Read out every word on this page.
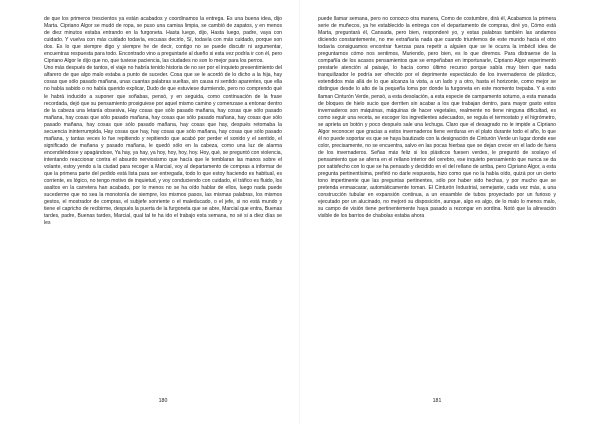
de que los primeros trescientos ya están acabados y coordinamos la entrega. Es una buena idea, dijo Marta. Cipriano Algor se mudó de ropa, se puso una camisa limpia, se cambió de zapatos, y en menos de diez minutos estaba entrando en la furgoneta. Hasta luego, dijo, Hasta luego, padre, vaya con cuidado. Y vuelva con más cuidado todavía, excusas decirlo, Sí, todavía con más cuidado, porque son dos. Es lo que siempre digo y siempre he de decir, contigo no se puede discutir ni argumentar, encuentras respuesta para todo. Encontrado vino a preguntarle al dueño si esta vez podría ir con él, pero Cipriano Algor le dijo que no, que tuviese paciencia, las ciudades no son lo mejor para los perros.

Uno más después de tantos, el viaje no habría tenido historia de no ser por el inquieto presentimiento del alfarero de que algo malo estaba a punto de suceder. Cosa que se le acordó de lo dicho a la hija, hay cosas que sólo pasado mañana, unas cuantas palabras sueltas, sin causa ni sentido aparentes, que ella no había sabido o no había querido explicar, Dudo de que estuviese durmiendo, pero no comprendo qué le habrá inducido a suponer que soñabas, pensó, y en seguida, como continuación de la frase recordada, dejó que su pensamiento prosiguiese por aquel mismo camino y comenzase a entonar dentro de la cabeza una letanía obsesiva, Hay cosas que sólo pasado mañana, hay cosas que sólo pasado mañana, hay cosas que sólo pasado mañana, hay cosas que sólo pasado mañana, hay cosas que sólo pasado mañana, hay cosas que sólo pasado mañana, hay cosas que hay, después retomaba la secuencia ininterrumpida, Hay cosas que hay, hay cosas que sólo mañana, hay cosas que sólo pasado mañana, y tantas veces lo fue repitiendo y repitiendo que acabó por perder el sonido y el sentido, el significado de mañana y pasado mañana, le quedó sólo en la cabeza, como una luz de alarma encendiéndose y apagándose, Ya hay, ya hay, ya hoy, hoy, hoy, hoy. Hoy, qué, se preguntó con violencia, intentando reaccionar contra el absurdo nerviosismo que hacía que le temblaran las manos sobre el volante, estoy yendo a la ciudad para recoger a Marcial, voy al departamento de compras a informar de que la primera parte del pedido está lista para ser entregada, todo lo que estoy haciendo es habitual, es corriente, es lógico, no tengo motivo de inquietud, y voy conduciendo con cuidado, el tráfico es fluido, los asaltos en la carretera han acabado, por lo menos no se ha oído hablar de ellos, luego nada puede sucederme que no sea la monotonía de siempre, los mismos pasos, las mismas palabras, los mismos gestos, el mostrador de compras, el subjefe sonriente o el maleducado, o el jefe, si no está mundo y tiene el capricho de recibirme, después la puerta de la furgoneta que se abre, Marcial que entra, Buenas tardes, padre, Buenas tardes, Marcial, qual tal te ha ido el trabajo esta semana, no sé si a diez días se les

180

puede llamar semana, pero no conozco otra manera, Como de costumbre, dirá él, Acabamos la primera serie de muñecos, ya he establecido la entrega con el departamento de compras, diré yo, Cómo está Marta, preguntará él, Cansada, pero bien, responderé yo, y estas palabras también las andamos diciendo constantemente, no me extrañaría nada que cuando triunfemos de este mundo hacia el otro todavía consiguamos encontrar fuerzas para repetir a alguien que se le ocurra la imbécil idea de preguntarnos cómo nos sentimos, Muriendo, pero bien, es lo que diremos. Para distraerse de la compañía de los acasos pensamientos que se empeñaban en importunarle, Cipriano Algor experimentó prestarle atención al paisaje, lo hacía como último recurso porque sabía muy bien que nada tranquilizador le podría ser ofrecido por el deprimente espectáculo de los invernaderos de plástico, extendidos más allá de lo que alcanza la vista, a un lado y a otro, hasta el horizonte, como mejor se distingue desde lo alto de la pequeña loma por donde la furgoneta en este momento trepaba. Y a esto llaman Cinturón Verde, pensó, a esta desolación, a esta especie de campamento sotumo, a esta manada de bloques de hielo sucio que derriten sin acabar a los que trabajan dentro, para mayor gasto estos invernaderos son máquinas, máquinas de hacer vegetales, realmente no tiene ninguna dificultad, es como seguir una receta, se escoger los ingredientes adecuados, se regula el termostato y el higrómetro, se aprieta un botón y poco después sale una lechuga. Claro que el desagrado no le impide a Cipriano Algor reconocer que gracias a estos invernaderos tiene verduras en el plato durante todo el año, lo que él no puede soportar es que se haya bautizado con la designación de Cinturón Verde un lugar donde ese color, precisamente, no se encuentra, salvo en las pocas hierbas que se dejan crecer en el lado de fuera de los invernaderos. Señas más feliz si los plásticos fuesen verdes, le preguntó de soslayo el pensamiento que se aferra en el rellano interior del cerebro, ese inquieto pensamiento que nunca se da por satisfecho con lo que se ha pensado y decidido en el del rellano de arriba, pero Cipriano Algor, a esta pregunta pertinentísima, prefirió no darle respuesta, hizo como que no la había oído, quizá por un cierto tono impertinente que las preguntas pertinentes, sólo por haber sido hechas, y por mucho que se pretenda enmascarar, automáticamente toman. El Cinturón Industrial, semejante, cada vez más, a una construcción tubular en expansión continua, a un ensamble de tubos proyectado por un furioso y ejecutado por un alucinado, no mejoró su disposición, aunque, algo es algo, de lo malo lo menos malo, su campo de visión tiene pertinentemente haya pasado a rezongar en sordina. Notó que la alineación visible de los barrios de chabolas estaba ahora

181
